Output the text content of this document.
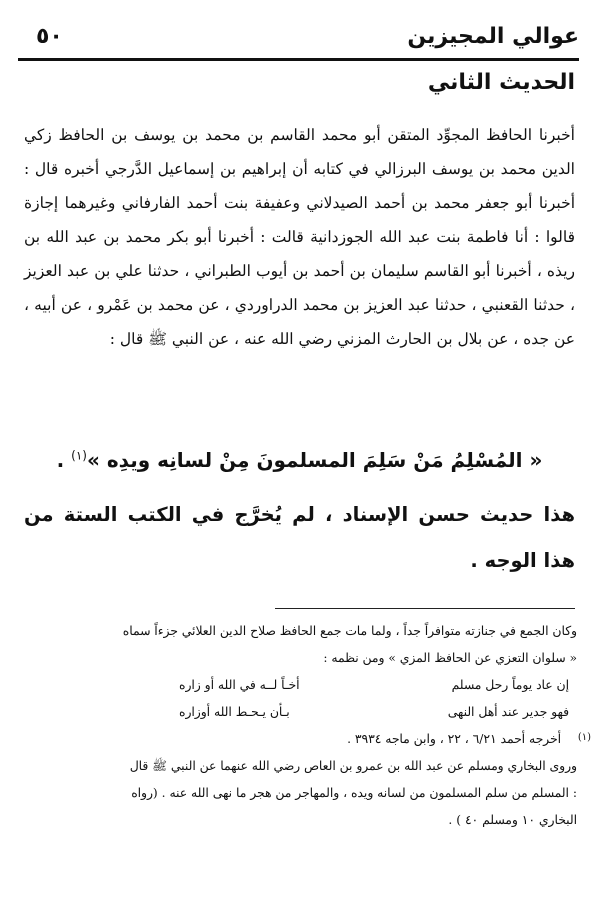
عوالي المجيزين
٥٠
الحديث الثاني

أخبرنا الحافظ المجوِّد المتقن أبو محمد القاسم بن محمد بن يوسف بن الحافظ زكي الدين محمد بن يوسف البرزالي في كتابه أن إبراهيم بن إسماعيل الدَّرجي أخبره قال : أخبرنا أبو جعفر محمد بن أحمد الصيدلاني وعفيفة بنت أحمد الفارفاني وغيرهما إجازة قالوا : أنا فاطمة بنت عبد الله الجوزدانية قالت : أخبرنا أبو بكر محمد بن عبد الله بن ريذه ، أخبرنا أبو القاسم سليمان بن أحمد بن أيوب الطبراني ، حدثنا علي بن عبد العزيز ، حدثنا القعنبي ، حدثنا عبد العزيز بن محمد الدراوردي ، عن محمد بن عَمْرو ، عن أبيه ، عن جده ، عن بلال بن الحارث المزني رضي الله عنه ، عن النبي ﷺ قال :

« المُسْلِمُ مَنْ سَلِمَ المسلمونَ مِنْ لسانِه ويدِه »$^{(١)}$ .
هذا حديث حسن الإسناد ، لم يُخرَّج في الكتب الستة من هذا الوجه .
وكان الجمع في جنازته متوافراً جداً ، ولما مات جمع الحافظ صلاح الدين العلائي جزءاً سماه
« سلوان التعزي عن الحافظ المزي » ومن نظمه :
إن عاد يوماً رحل مسلم
أخـاً لــه في الله أو زاره
فهو جدير عند أهل النهى
بـأن يـحـط الله أوزاره
(١)
أخرجه أحمد ٦/٢١ ، ٢٢ ، وابن ماجه ٣٩٣٤ .
وروى البخاري ومسلم عن عبد الله بن عمرو بن العاص رضي الله عنهما عن النبي ﷺ قال
: المسلم من سلم المسلمون من لسانه ويده ، والمهاجر من هجر ما نهى الله عنه . (رواه
البخاري ١٠ ومسلم ٤٠ ) .
